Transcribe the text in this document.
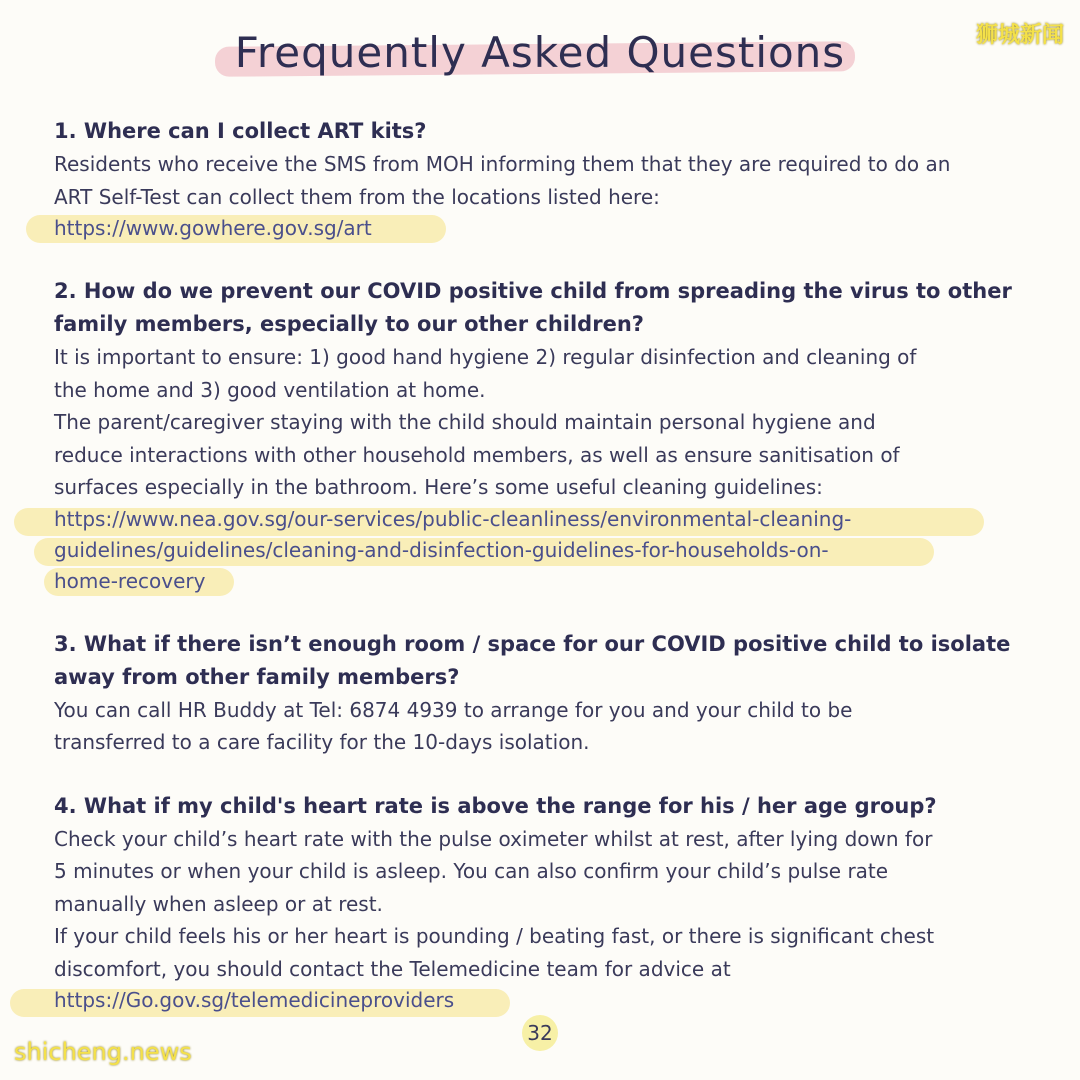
狮城新闻
Frequently Asked Questions
1. Where can I collect ART kits?
Residents who receive the SMS from MOH informing them that they are required to do an
ART Self-Test can collect them from the locations listed here:
https://www.gowhere.gov.sg/art
2. How do we prevent our COVID positive child from spreading the virus to other
family members, especially to our other children?
It is important to ensure: 1) good hand hygiene 2) regular disinfection and cleaning of
the home and 3) good ventilation at home.
The parent/caregiver staying with the child should maintain personal hygiene and
reduce interactions with other household members, as well as ensure sanitisation of
surfaces especially in the bathroom. Here’s some useful cleaning guidelines:
https://www.nea.gov.sg/our-services/public-cleanliness/environmental-cleaning-
guidelines/guidelines/cleaning-and-disinfection-guidelines-for-households-on-
home-recovery
3. What if there isn’t enough room / space for our COVID positive child to isolate
away from other family members?
You can call HR Buddy at Tel: 6874 4939 to arrange for you and your child to be
transferred to a care facility for the 10-days isolation.
4. What if my child's heart rate is above the range for his / her age group?
Check your child’s heart rate with the pulse oximeter whilst at rest, after lying down for
5 minutes or when your child is asleep. You can also confirm your child’s pulse rate
manually when asleep or at rest.
If your child feels his or her heart is pounding / beating fast, or there is significant chest
discomfort, you should contact the Telemedicine team for advice at
https://Go.gov.sg/telemedicineproviders
32
shicheng.news
